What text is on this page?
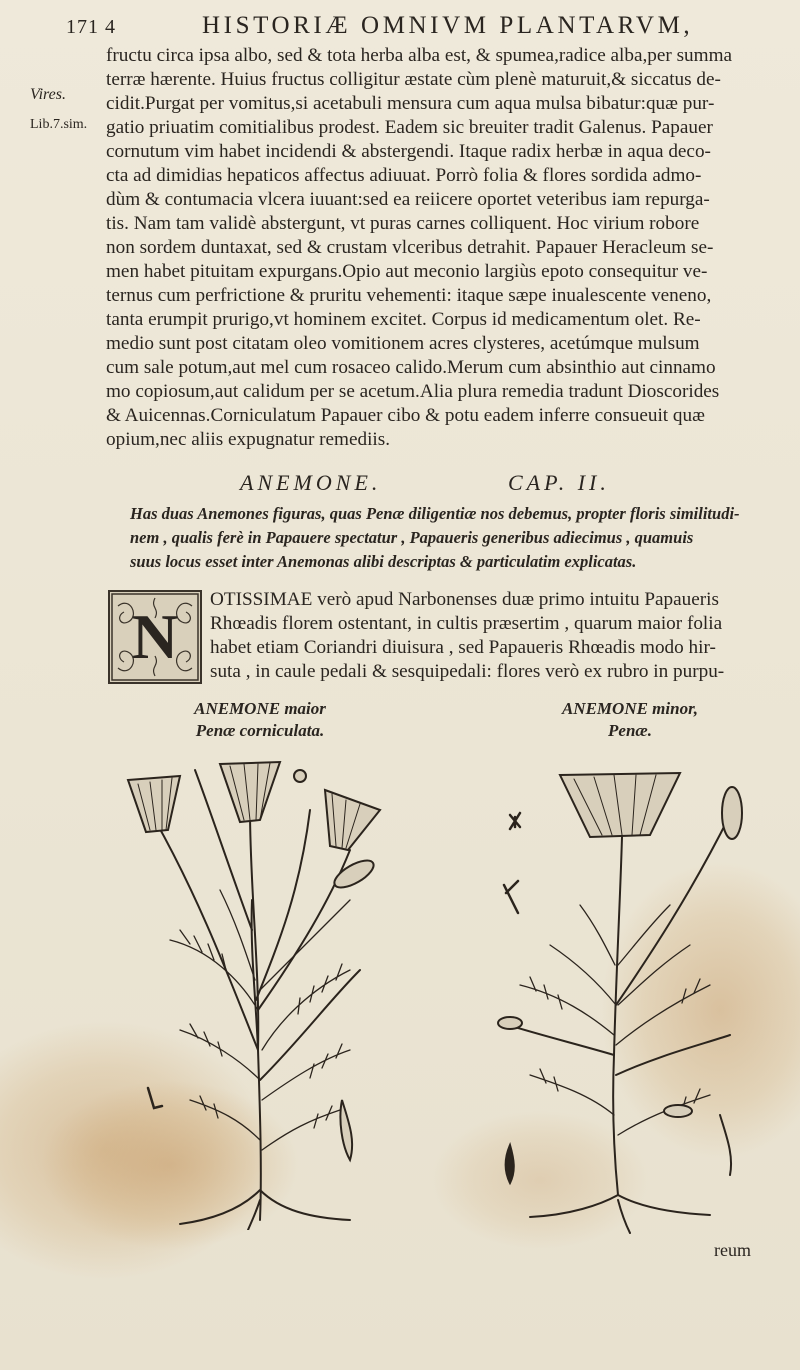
171 4	HISTORIÆ OMNIVM PLANTARVM,
Vires.
Lib.7.sim.
fructu circa ipsa albo, sed & tota herba alba est, & spumea,radice alba,per summa
terræ hærente. Huius fructus colligitur æstate cùm plenè maturuit,& siccatus de-
cidit.Purgat per vomitus,si acetabuli mensura cum aqua mulsa bibatur:quæ pur-
gatio priuatim comitialibus prodest. Eadem sic breuiter tradit Galenus. Papauer
cornutum vim habet incidendi & abstergendi. Itaque radix herbæ in aqua deco-
cta ad dimidias hepaticos affectus adiuuat. Porrò folia & flores sordida admo-
dùm & contumacia vlcera iuuant:sed ea reiicere oportet veteribus iam repurga-
tis. Nam tam validè abstergunt, vt puras carnes colliquent. Hoc virium robore
non sordem duntaxat, sed & crustam vlceribus detrahit. Papauer Heracleum se-
men habet pituitam expurgans.Opio aut meconio largiùs epoto consequitur ve-
ternus cum perfrictione & pruritu vehementi: itaque sæpe inualescente veneno,
tanta erumpit prurigo,vt hominem excitet. Corpus id medicamentum olet. Re-
medio sunt post citatam oleo vomitionem acres clysteres, acetúmque mulsum
cum sale potum,aut mel cum rosaceo calido.Merum cum absinthio aut cinnamo
mo copiosum,aut calidum per se acetum.Alia plura remedia tradunt Dioscorides
& Auicennas.Corniculatum Papauer cibo & potu eadem inferre consueuit quæ
opium,nec aliis expugnatur remediis.
ANEMONE.	CAP. II.
Has duas Anemones figuras, quas Penæ diligentiæ nos debemus, propter floris similitudi-
nem , qualis ferè in Papauere spectatur , Papaueris generibus adiecimus , quamuis
suus locus esset inter Anemonas alibi descriptas & particulatim explicatas.
N
OTISSIMAE verò apud Narbonenses duæ primo intuitu Papaueris
Rhœadis florem ostentant, in cultis præsertim , quarum maior folia
habet etiam Coriandri diuisura , sed Papaueris Rhœadis modo hir-
suta , in caule pedali & sesquipedali: flores verò ex rubro in purpu-
ANEMONE maior
Penæ corniculata.
ANEMONE minor,
Penæ.
reum
